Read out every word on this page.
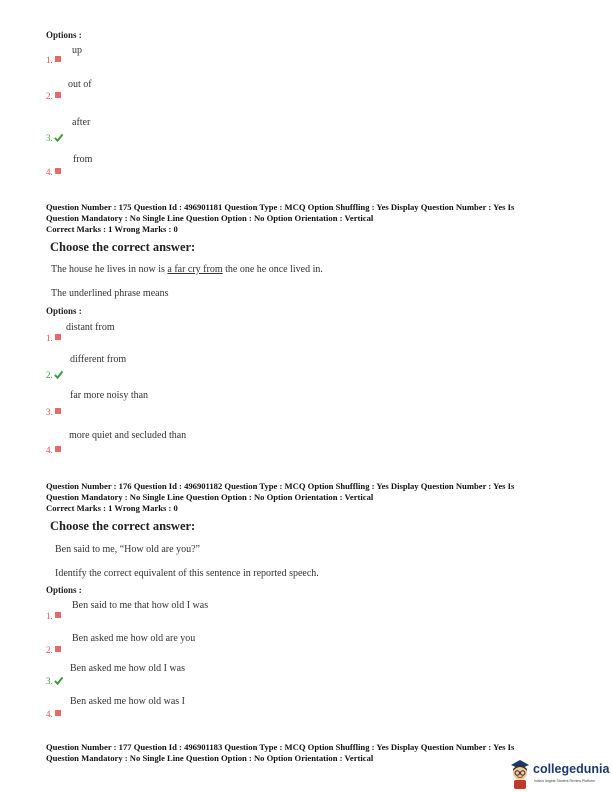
Options :
1.
up
2.
out of
3.
after
4.
from
Question Number : 175 Question Id : 496901181 Question Type : MCQ Option Shuffling : Yes Display Question Number : Yes Is
Question Mandatory : No Single Line Question Option : No Option Orientation : Vertical
Correct Marks : 1 Wrong Marks : 0
Choose the correct answer:
The house he lives in now is a far cry from the one he once lived in.
The underlined phrase means
Options :
1.
distant from
2.
different from
3.
far more noisy than
4.
more quiet and secluded than
Question Number : 176 Question Id : 496901182 Question Type : MCQ Option Shuffling : Yes Display Question Number : Yes Is
Question Mandatory : No Single Line Question Option : No Option Orientation : Vertical
Correct Marks : 1 Wrong Marks : 0
Choose the correct answer:
Ben said to me, “How old are you?”
Identify the correct equivalent of this sentence in reported speech.
Options :
1.
Ben said to me that how old I was
2.
Ben asked me how old are you
3.
Ben asked me how old I was
4.
Ben asked me how old was I
Question Number : 177 Question Id : 496901183 Question Type : MCQ Option Shuffling : Yes Display Question Number : Yes Is
Question Mandatory : No Single Line Question Option : No Option Orientation : Vertical
collegedunia
India's largest Student Review Platform
